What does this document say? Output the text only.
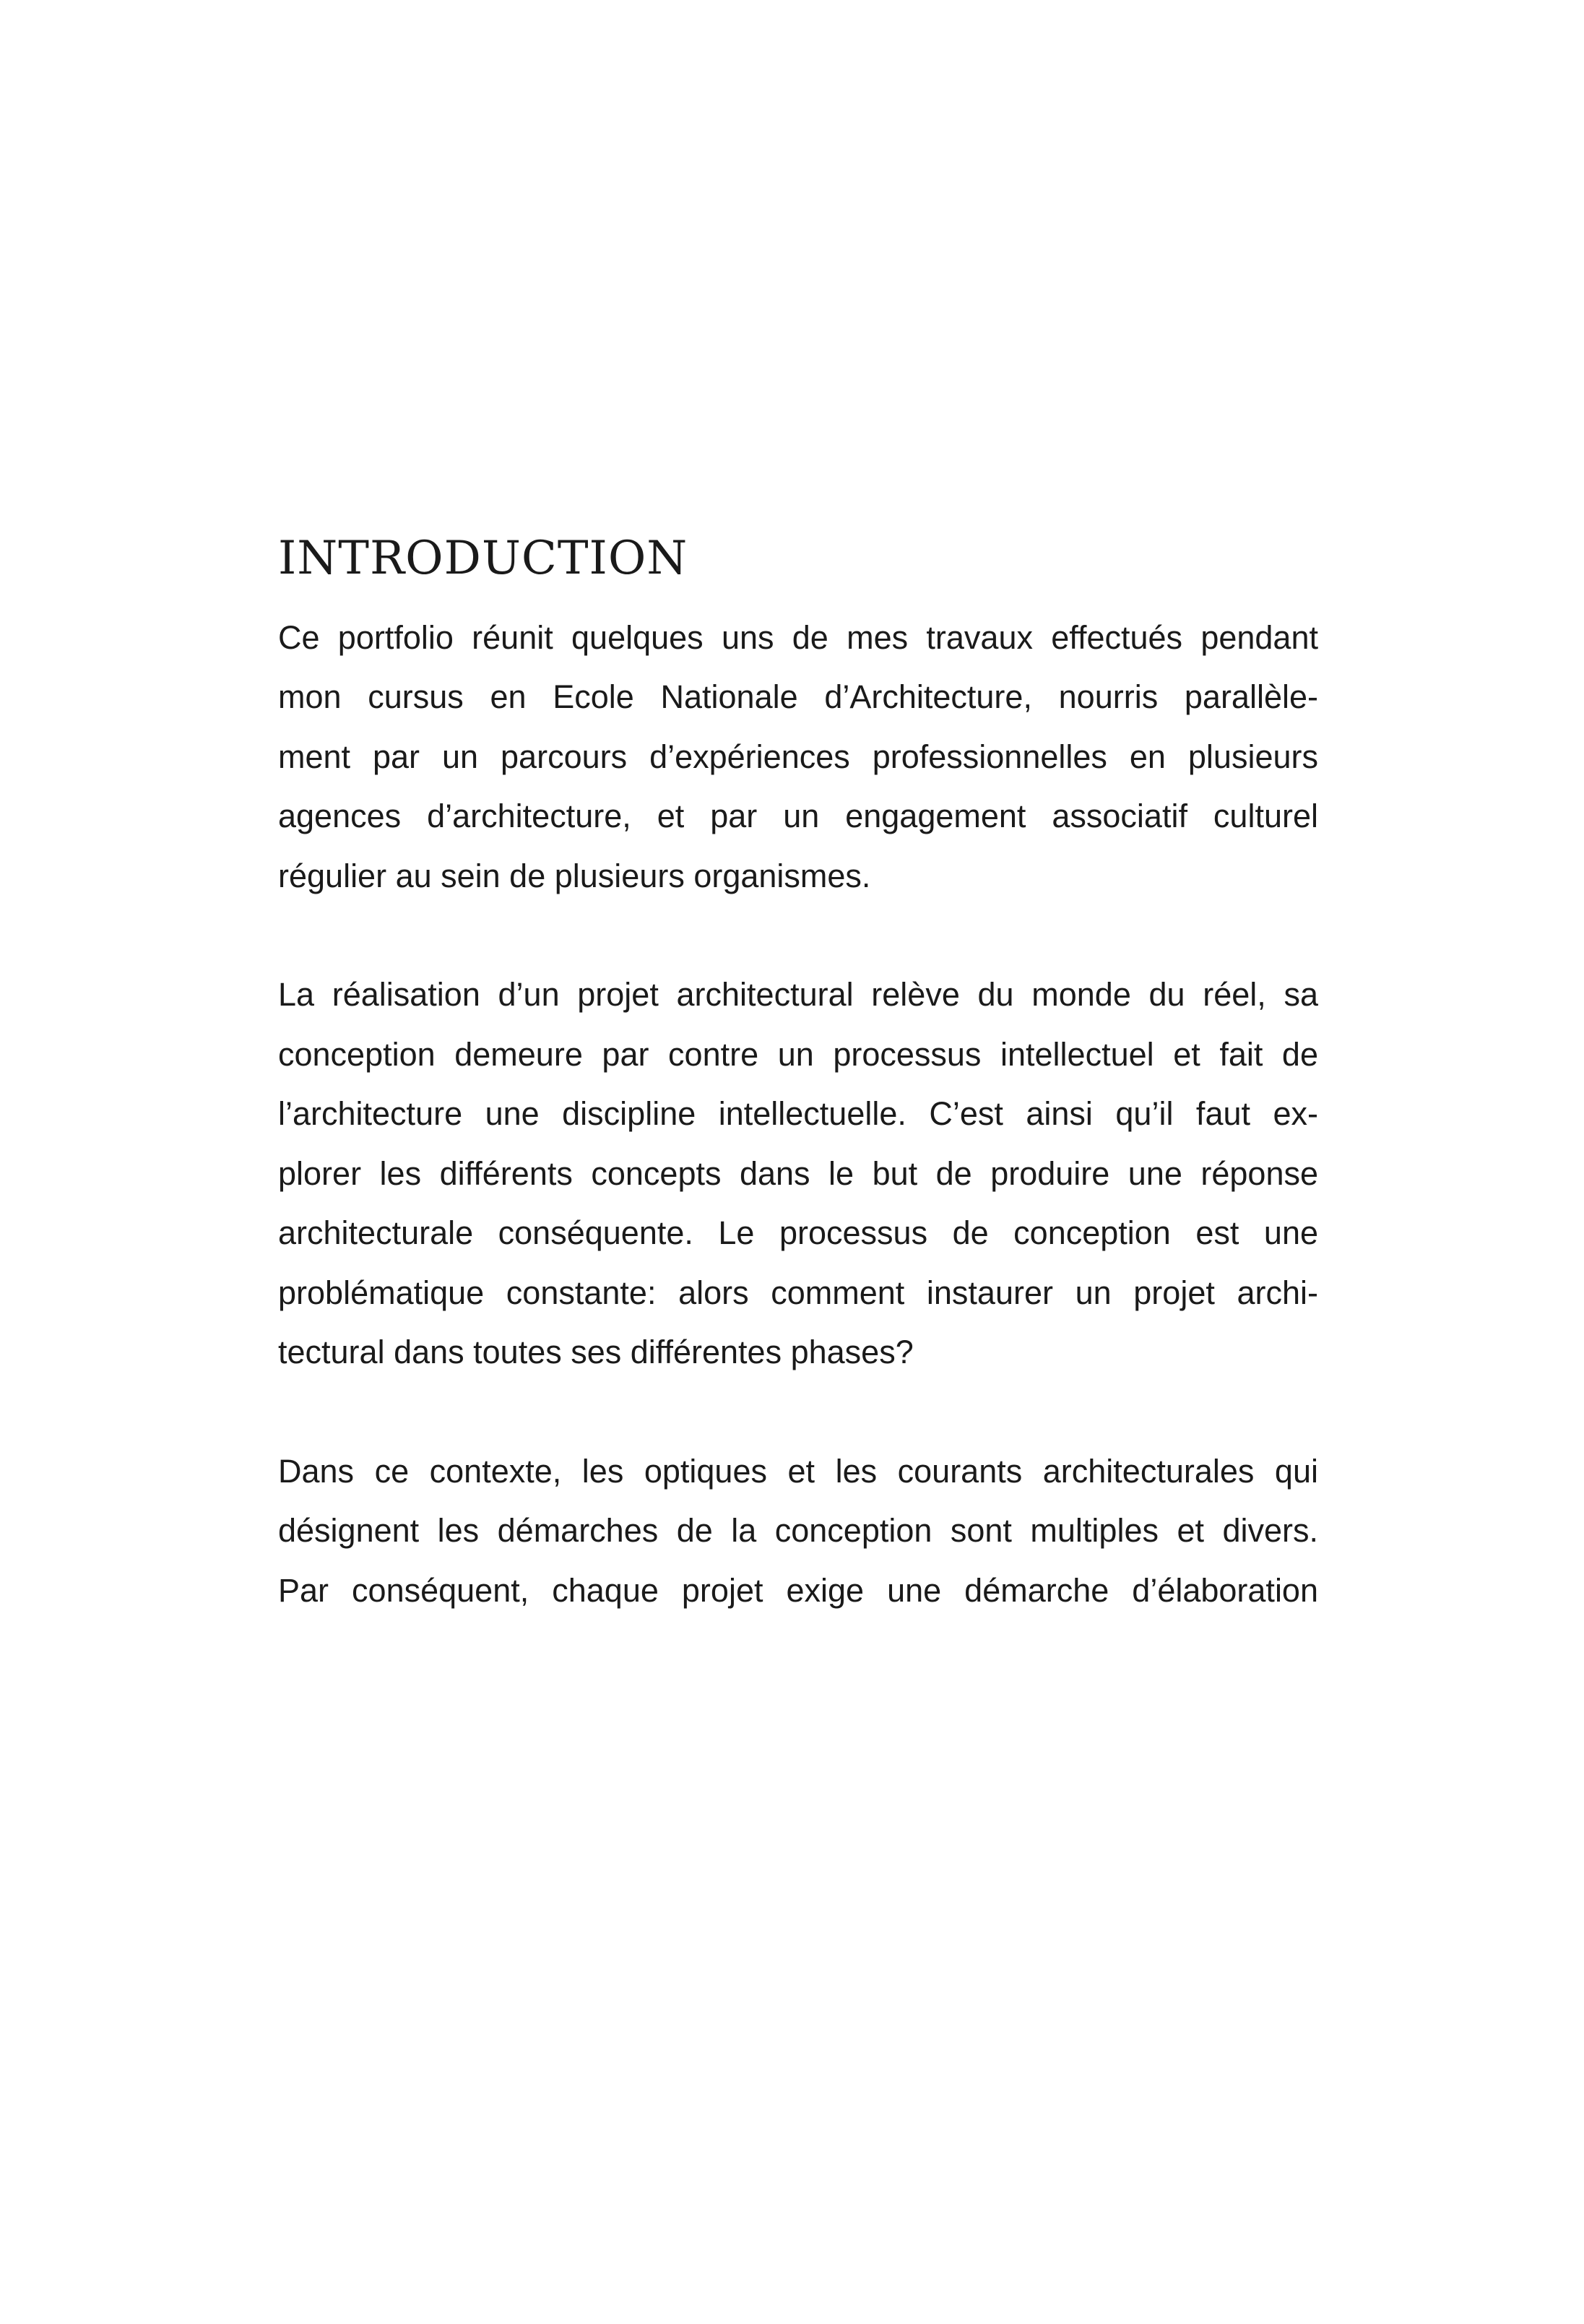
INTRODUCTION
Ce portfolio réunit quelques uns de mes travaux effectués pendant
mon cursus en Ecole Nationale d’Architecture, nourris parallèle-
ment par un parcours d’expériences professionnelles en plusieurs
agences d’architecture, et par un engagement associatif culturel
régulier au sein de plusieurs organismes.
La réalisation d’un projet architectural relève du monde du réel, sa
conception demeure par contre un processus intellectuel et fait de
l’architecture une discipline intellectuelle. C’est ainsi qu’il faut ex-
plorer les différents concepts dans le but de produire une réponse
architecturale conséquente. Le processus de conception est une
problématique constante: alors comment instaurer un projet archi-
tectural dans toutes ses différentes phases?
Dans ce contexte, les optiques et les courants architecturales qui
désignent les démarches de la conception sont multiples et divers.
Par conséquent, chaque projet exige une démarche d’élaboration
